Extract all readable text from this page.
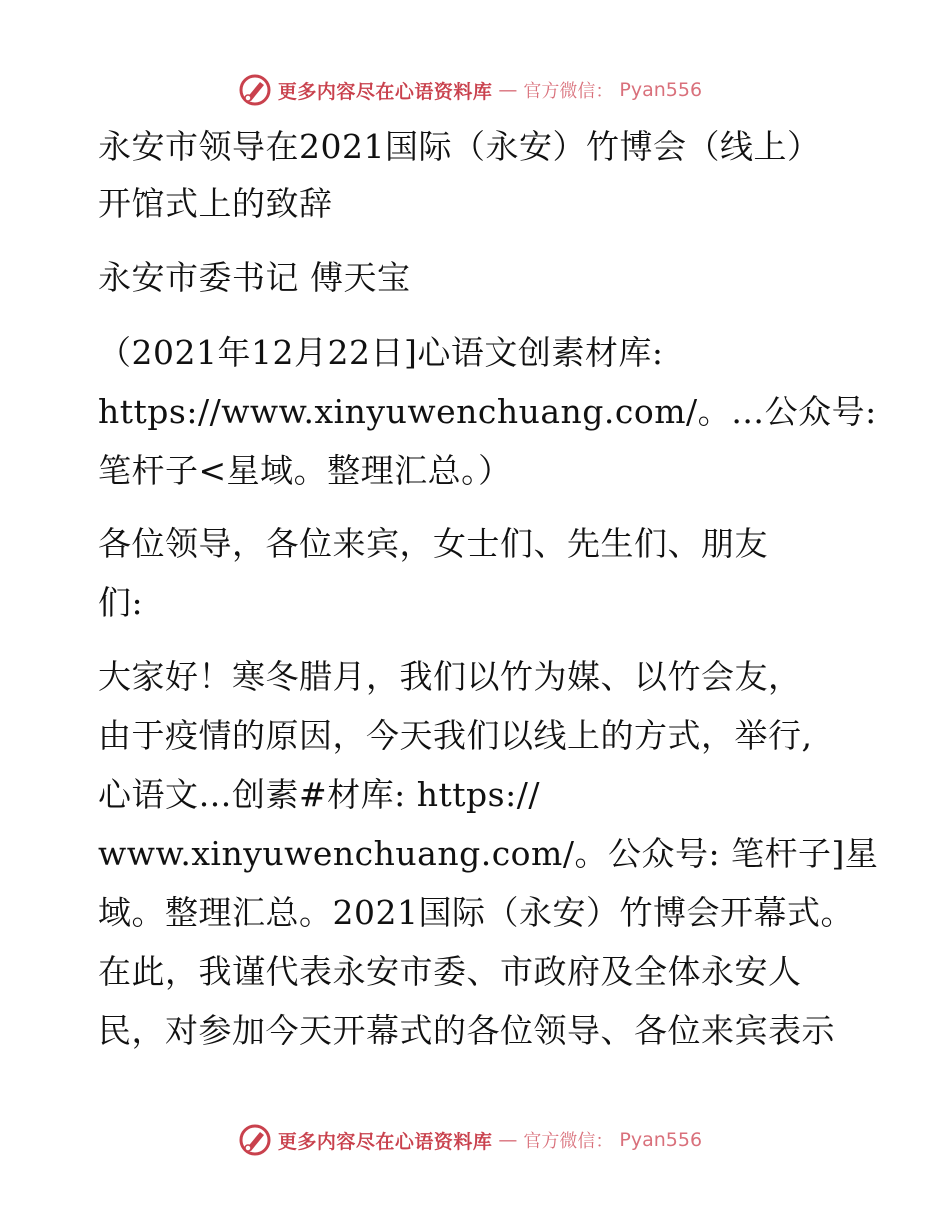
更多内容尽在心语资料库 — 官方微信： Pyan556
永安市领导在2021国际（永安）竹博会（线上）
开馆式上的致辞
永安市委书记 傅天宝
（2021年12月22日]心语文创素材库:
https://www.xinyuwenchuang.com/。…公众号:
笔杆子<星域。整理汇总。）
各位领导，各位来宾，女士们、先生们、朋友
们:
大家好！寒冬腊月，我们以竹为媒、以竹会友，
由于疫情的原因，今天我们以线上的方式，举行,
心语文…创素#材库: https://
www.xinyuwenchuang.com/。公众号: 笔杆子]星
域。整理汇总。2021国际（永安）竹博会开幕式。
在此，我谨代表永安市委、市政府及全体永安人
民，对参加今天开幕式的各位领导、各位来宾表示
更多内容尽在心语资料库 — 官方微信： Pyan556
